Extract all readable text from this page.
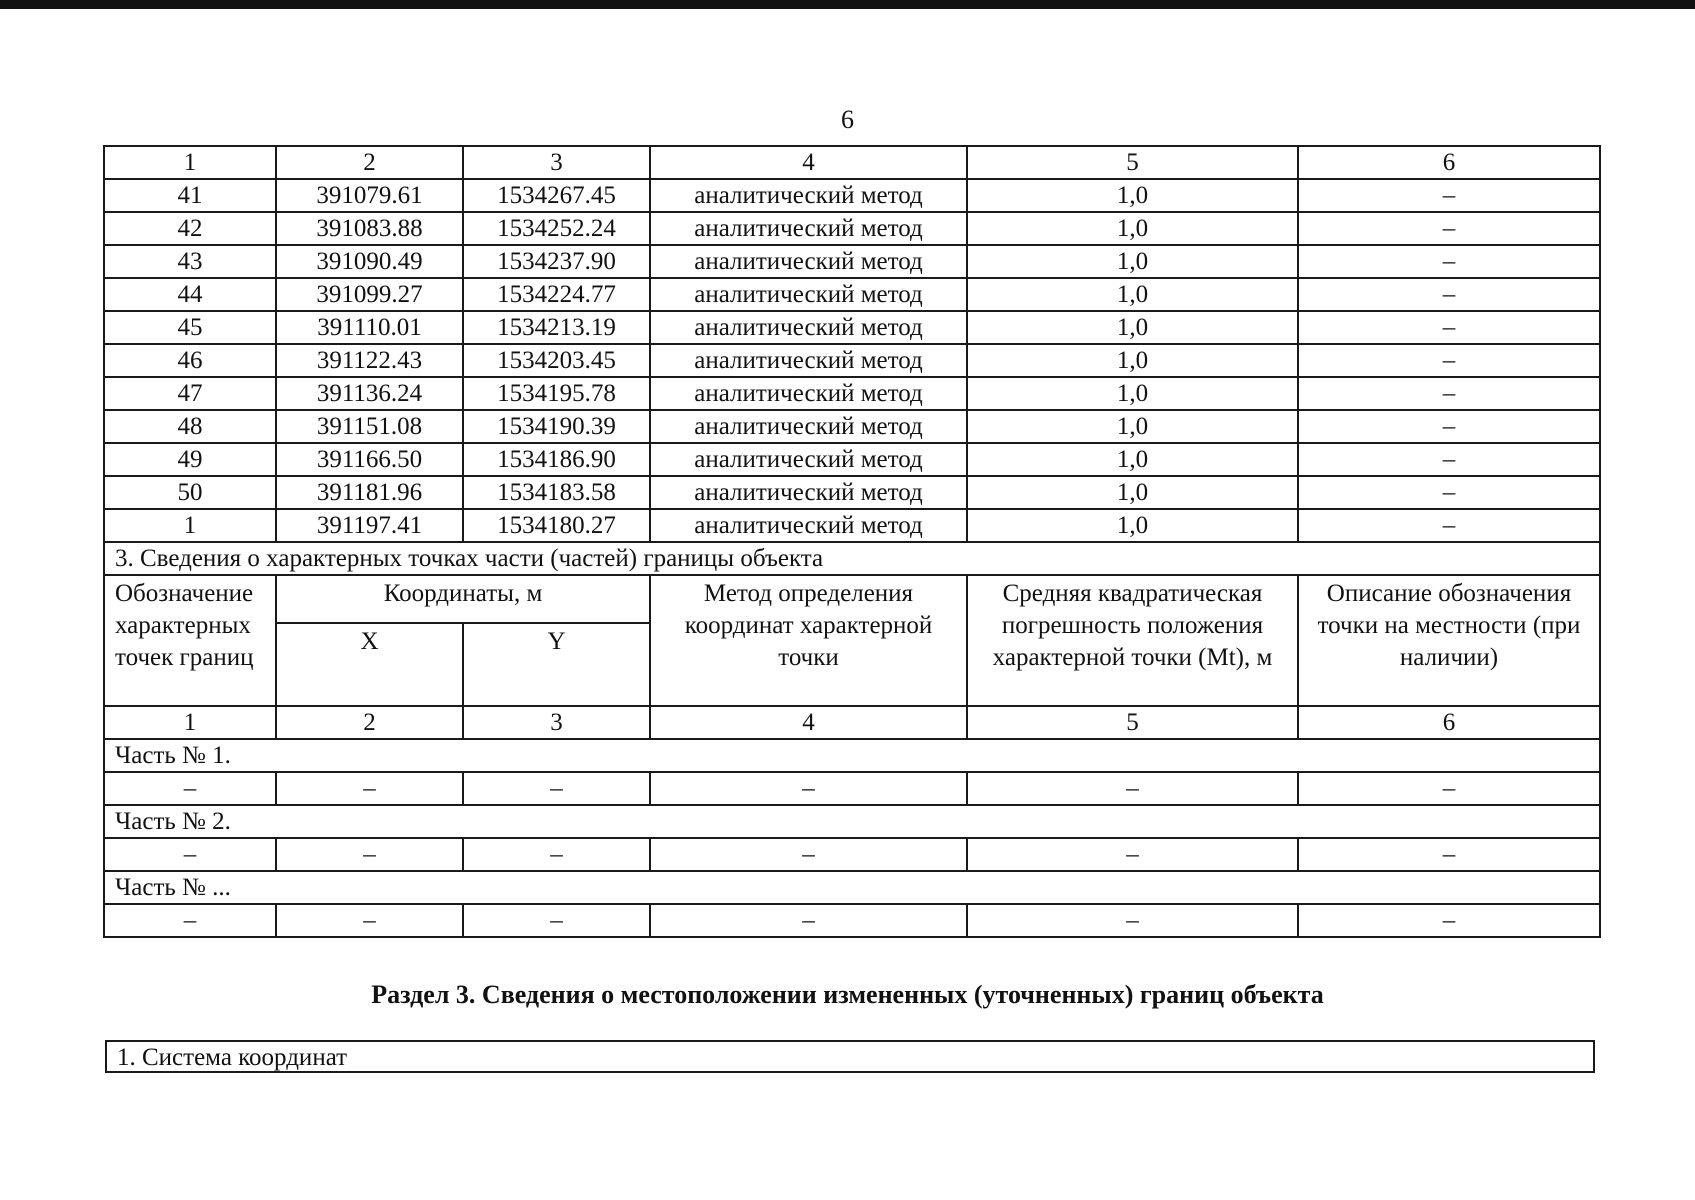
6
1	2	3	4	5	6
41	391079.61	1534267.45	аналитический метод	1,0	–
42	391083.88	1534252.24	аналитический метод	1,0	–
43	391090.49	1534237.90	аналитический метод	1,0	–
44	391099.27	1534224.77	аналитический метод	1,0	–
45	391110.01	1534213.19	аналитический метод	1,0	–
46	391122.43	1534203.45	аналитический метод	1,0	–
47	391136.24	1534195.78	аналитический метод	1,0	–
48	391151.08	1534190.39	аналитический метод	1,0	–
49	391166.50	1534186.90	аналитический метод	1,0	–
50	391181.96	1534183.58	аналитический метод	1,0	–
1	391197.41	1534180.27	аналитический метод	1,0	–
3. Сведения о характерных точках части (частей) границы объекта					
Обозначение характерных точек границ	Координаты, м		Метод определения координат характерной точки	Средняя квадратическая погрешность положения характерной точки (Mt), м	Описание обозначения точки на местности (при наличии)
	X	Y			
1	2	3	4	5	6
Часть № 1.					
–	–	–	–	–	–
Часть № 2.					
–	–	–	–	–	–
Часть № ...					
–	–	–	–	–	–
Раздел 3. Сведения о местоположении измененных (уточненных) границ объекта
1. Система координат
